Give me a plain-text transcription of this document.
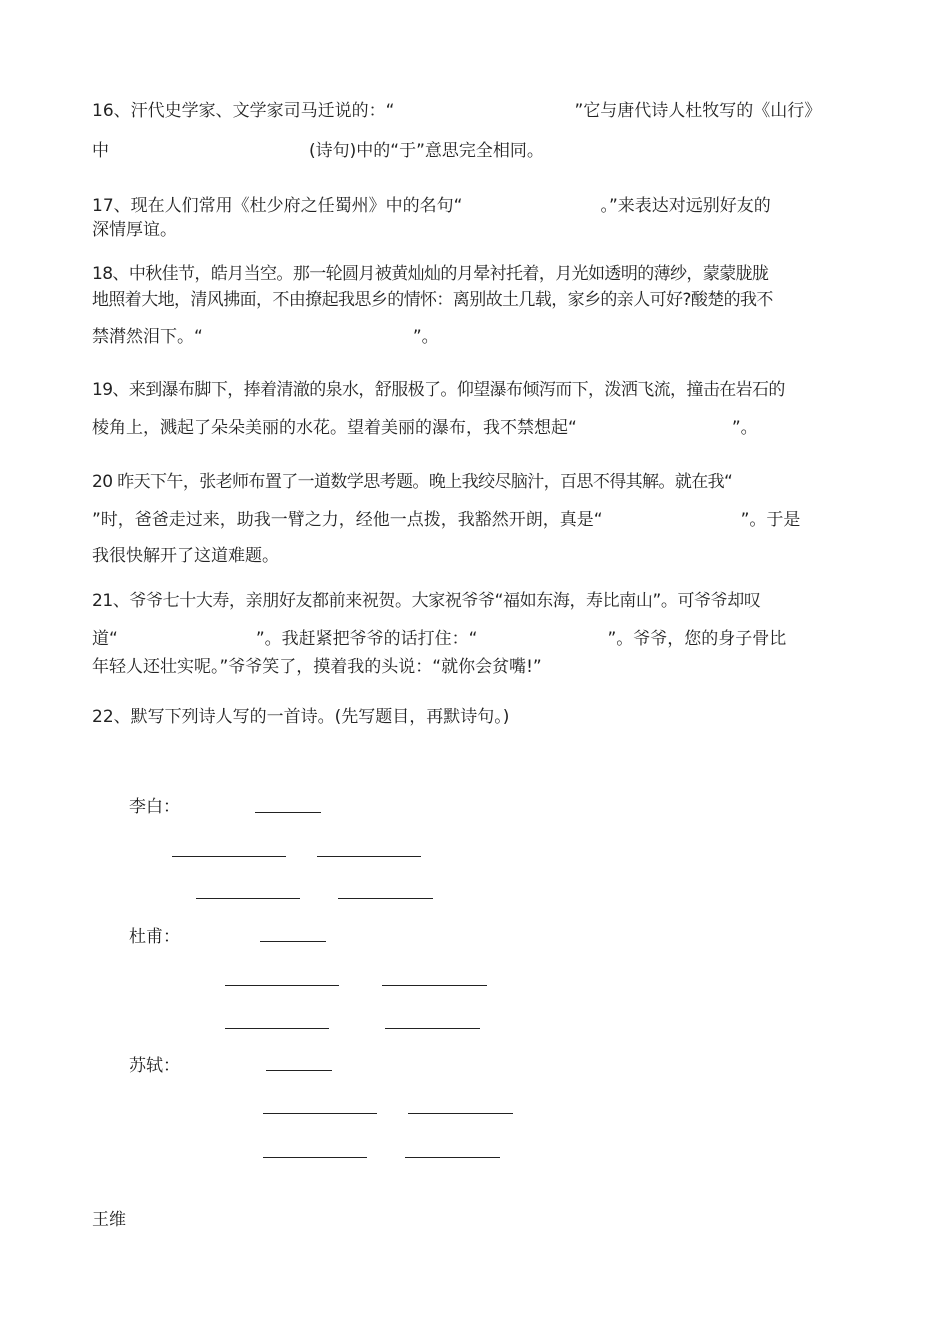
16、汗代史学家、文学家司马迁说的：“	”它与唐代诗人杜牧写的《山行》
中	(诗句)中的“于”意思完全相同。
17、现在人们常用《杜少府之任蜀州》中的名句“	。”来表达对远别好友的
深情厚谊。
18、中秋佳节，皓月当空。那一轮圆月被黄灿灿的月晕衬托着，月光如透明的薄纱，蒙蒙胧胧
地照着大地，清风拂面，不由撩起我思乡的情怀：离别故土几载，家乡的亲人可好?酸楚的我不
禁潸然泪下。“	”。
19、来到瀑布脚下，捧着清澈的泉水，舒服极了。仰望瀑布倾泻而下，泼洒飞流，撞击在岩石的
棱角上，溅起了朵朵美丽的水花。望着美丽的瀑布，我不禁想起“	”。
20 昨天下午，张老师布置了一道数学思考题。晚上我绞尽脑汁，百思不得其解。就在我“
”时，爸爸走过来，助我一臂之力，经他一点拨，我豁然开朗，真是“	”。于是
我很快解开了这道难题。
21、爷爷七十大寿，亲朋好友都前来祝贺。大家祝爷爷“福如东海，寿比南山”。可爷爷却叹
道“	”。我赶紧把爷爷的话打住：“	”。爷爷，您的身子骨比
年轻人还壮实呢。”爷爷笑了，摸着我的头说：“就你会贫嘴!”
22、默写下列诗人写的一首诗。(先写题目，再默诗句。)
李白：
杜甫：
苏轼：
王维
